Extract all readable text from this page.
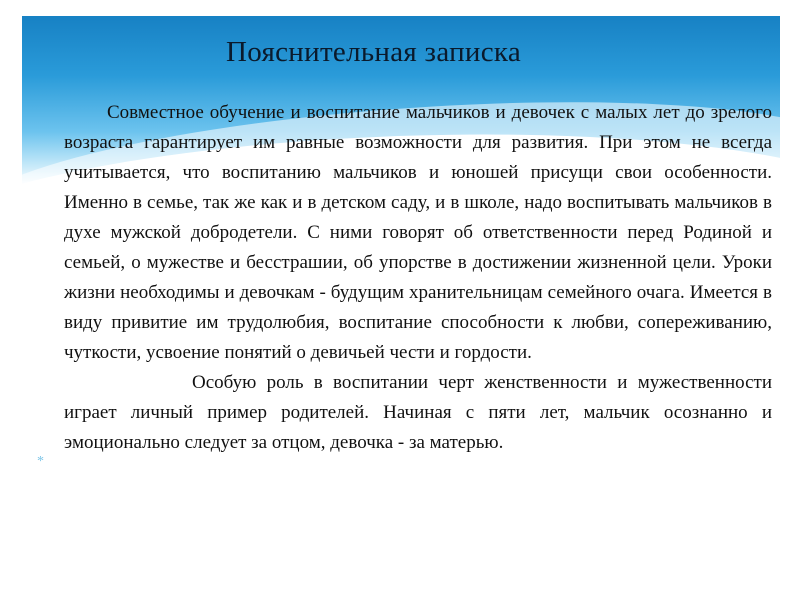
Пояснительная записка
*

Совместное обучение и воспитание мальчиков и девочек с малых лет до зрелого возраста гарантирует им равные возможности для развития. При этом не всегда учитывается, что воспитанию мальчиков и юношей присущи свои особенности. Именно в семье, так же как и в детском саду, и в школе, надо воспитывать мальчиков в духе мужской добродетели. С ними говорят об ответственности перед Родиной и семьей, о мужестве и бесстрашии, об упорстве в достижении жизненной цели. Уроки жизни необходимы и девочкам - будущим хранительницам семейного очага. Имеется в виду привитие им трудолюбия, воспитание способности к любви, сопереживанию, чуткости, усвоение понятий о девичьей чести и гордости.

Особую роль в воспитании черт женственности и мужественности играет личный пример родителей. Начиная с пяти лет, мальчик осознанно и эмоционально следует за отцом, девочка - за матерью.
